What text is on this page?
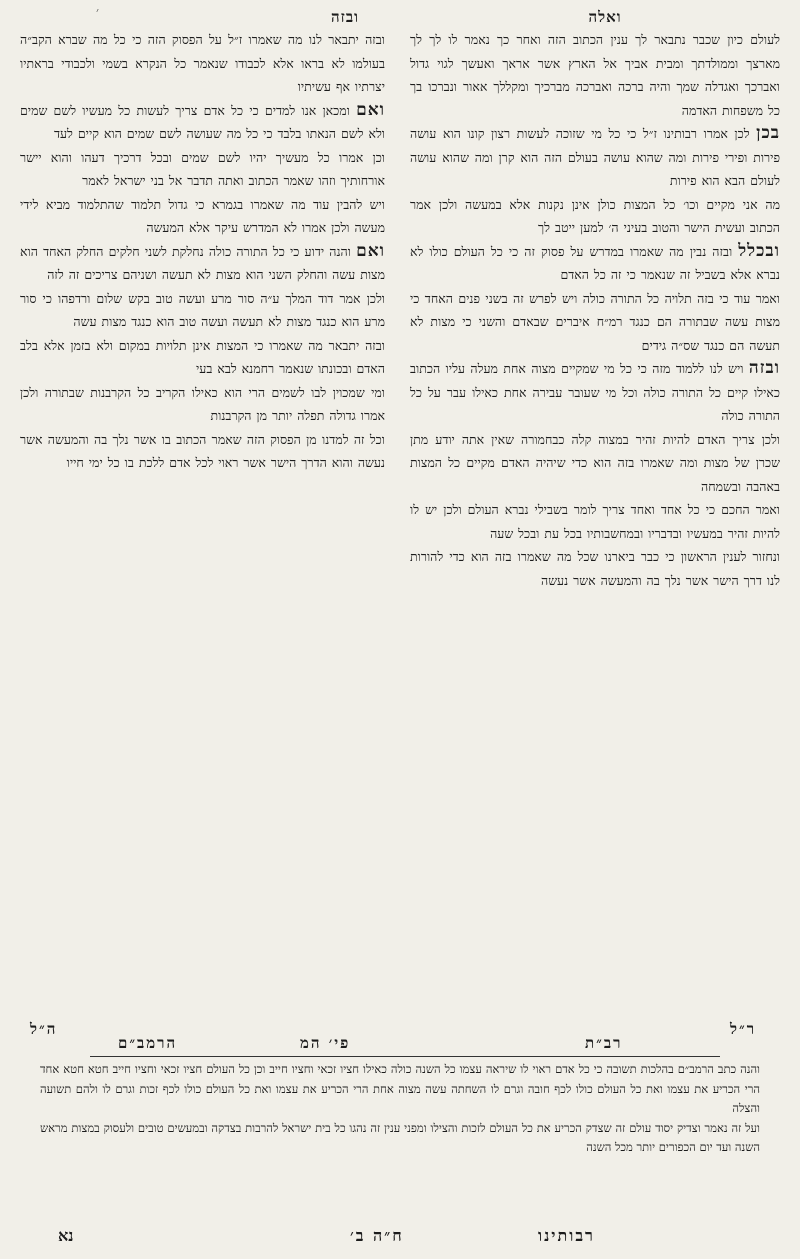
׳	ובזה	ואלה

ובזה יתבאר לנו מה שאמרו ז״ל על הפסוק הזה כי כל מה שברא הקב״ה בעולמו לא בראו אלא לכבודו שנאמר כל הנקרא בשמי ולכבודי בראתיו יצרתיו אף עשיתיו

ואם ומכאן אנו למדים כי כל אדם צריך לעשות כל מעשיו לשם שמים ולא לשם הנאתו בלבד כי כל מה שעושה לשם שמים הוא קיים לעד

וכן אמרו כל מעשיך יהיו לשם שמים ובכל דרכיך דעהו והוא יישר אורחותיך וזהו שאמר הכתוב ואתה תדבר אל בני ישראל לאמר

ויש להבין עוד מה שאמרו בגמרא כי גדול תלמוד שהתלמוד מביא לידי מעשה ולכן אמרו לא המדרש עיקר אלא המעשה

ואם והנה ידוע כי כל התורה כולה נחלקת לשני חלקים החלק האחד הוא מצות עשה והחלק השני הוא מצות לא תעשה ושניהם צריכים זה לזה

ולכן אמר דוד המלך ע״ה סור מרע ועשה טוב בקש שלום ורדפהו כי סור מרע הוא כנגד מצות לא תעשה ועשה טוב הוא כנגד מצות עשה

ובזה יתבאר מה שאמרו כי המצות אינן תלויות במקום ולא בזמן אלא בלב האדם ובכונתו שנאמר רחמנא לבא בעי

ומי שמכוין לבו לשמים הרי הוא כאילו הקריב כל הקרבנות שבתורה ולכן אמרו גדולה תפלה יותר מן הקרבנות

וכל זה למדנו מן הפסוק הזה שאמר הכתוב בו אשר נלך בה והמעשה אשר נעשה והוא הדרך הישר אשר ראוי לכל אדם ללכת בו כל ימי חייו

לעולם כיון שכבר נתבאר לך ענין הכתוב הזה ואחר כך נאמר לו לך לך מארצך וממולדתך ומבית אביך אל הארץ אשר אראך ואעשך לגוי גדול ואברכך ואגדלה שמך והיה ברכה ואברכה מברכיך ומקללך אאור ונברכו בך כל משפחות האדמה

בכן לכן אמרו רבותינו ז״ל כי כל מי שזוכה לעשות רצון קונו הוא עושה פירות ופירי פירות ומה שהוא עושה בעולם הזה הוא קרן ומה שהוא עושה לעולם הבא הוא פירות

מה אני מקיים וכו׳ כל המצות כולן אינן נקנות אלא במעשה ולכן אמר הכתוב ועשית הישר והטוב בעיני ה׳ למען ייטב לך

ובכלל ובזה נבין מה שאמרו במדרש על פסוק זה כי כל העולם כולו לא נברא אלא בשביל זה שנאמר כי זה כל האדם

ואמר עוד כי בזה תלויה כל התורה כולה ויש לפרש זה בשני פנים האחד כי מצות עשה שבתורה הם כנגד רמ״ח איברים שבאדם והשני כי מצות לא תעשה הם כנגד שס״ה גידים

ובזה ויש לנו ללמוד מזה כי כל מי שמקיים מצוה אחת מעלה עליו הכתוב כאילו קיים כל התורה כולה וכל מי שעובר עבירה אחת כאילו עבר על כל התורה כולה

ולכן צריך האדם להיות זהיר במצוה קלה כבחמורה שאין אתה יודע מתן שכרן של מצות ומה שאמרו בזה הוא כדי שיהיה האדם מקיים כל המצות באהבה ובשמחה

ואמר החכם כי כל אחד ואחד צריך לומר בשבילי נברא העולם ולכן יש לו להיות זהיר במעשיו ובדבריו ובמחשבותיו בכל עת ובכל שעה

ונחזור לענין הראשון כי כבר ביארנו שכל מה שאמרו בזה הוא כדי להורות לנו דרך הישר אשר נלך בה והמעשה אשר נעשה

ה״ל	ר״ל
הרמב״ם	פי׳ המ	רב״ת

והנה כתב הרמב״ם בהלכות תשובה כי כל אדם ראוי לו שיראה עצמו כל השנה כולה כאילו חציו זכאי וחציו חייב וכן כל העולם חציו זכאי וחציו חייב חטא חטא אחד הרי הכריע את עצמו ואת כל העולם כולו לכף חובה וגרם לו השחתה עשה מצוה אחת הרי הכריע את עצמו ואת כל העולם כולו לכף זכות וגרם לו ולהם תשועה והצלה

ועל זה נאמר וצדיק יסוד עולם זה שצדק הכריע את כל העולם לזכות והצילו ומפני ענין זה נהגו כל בית ישראל להרבות בצדקה ובמעשים טובים ולעסוק במצות מראש השנה ועד יום הכפורים יותר מכל השנה

רבותינו
ח״ה ב׳
נא
